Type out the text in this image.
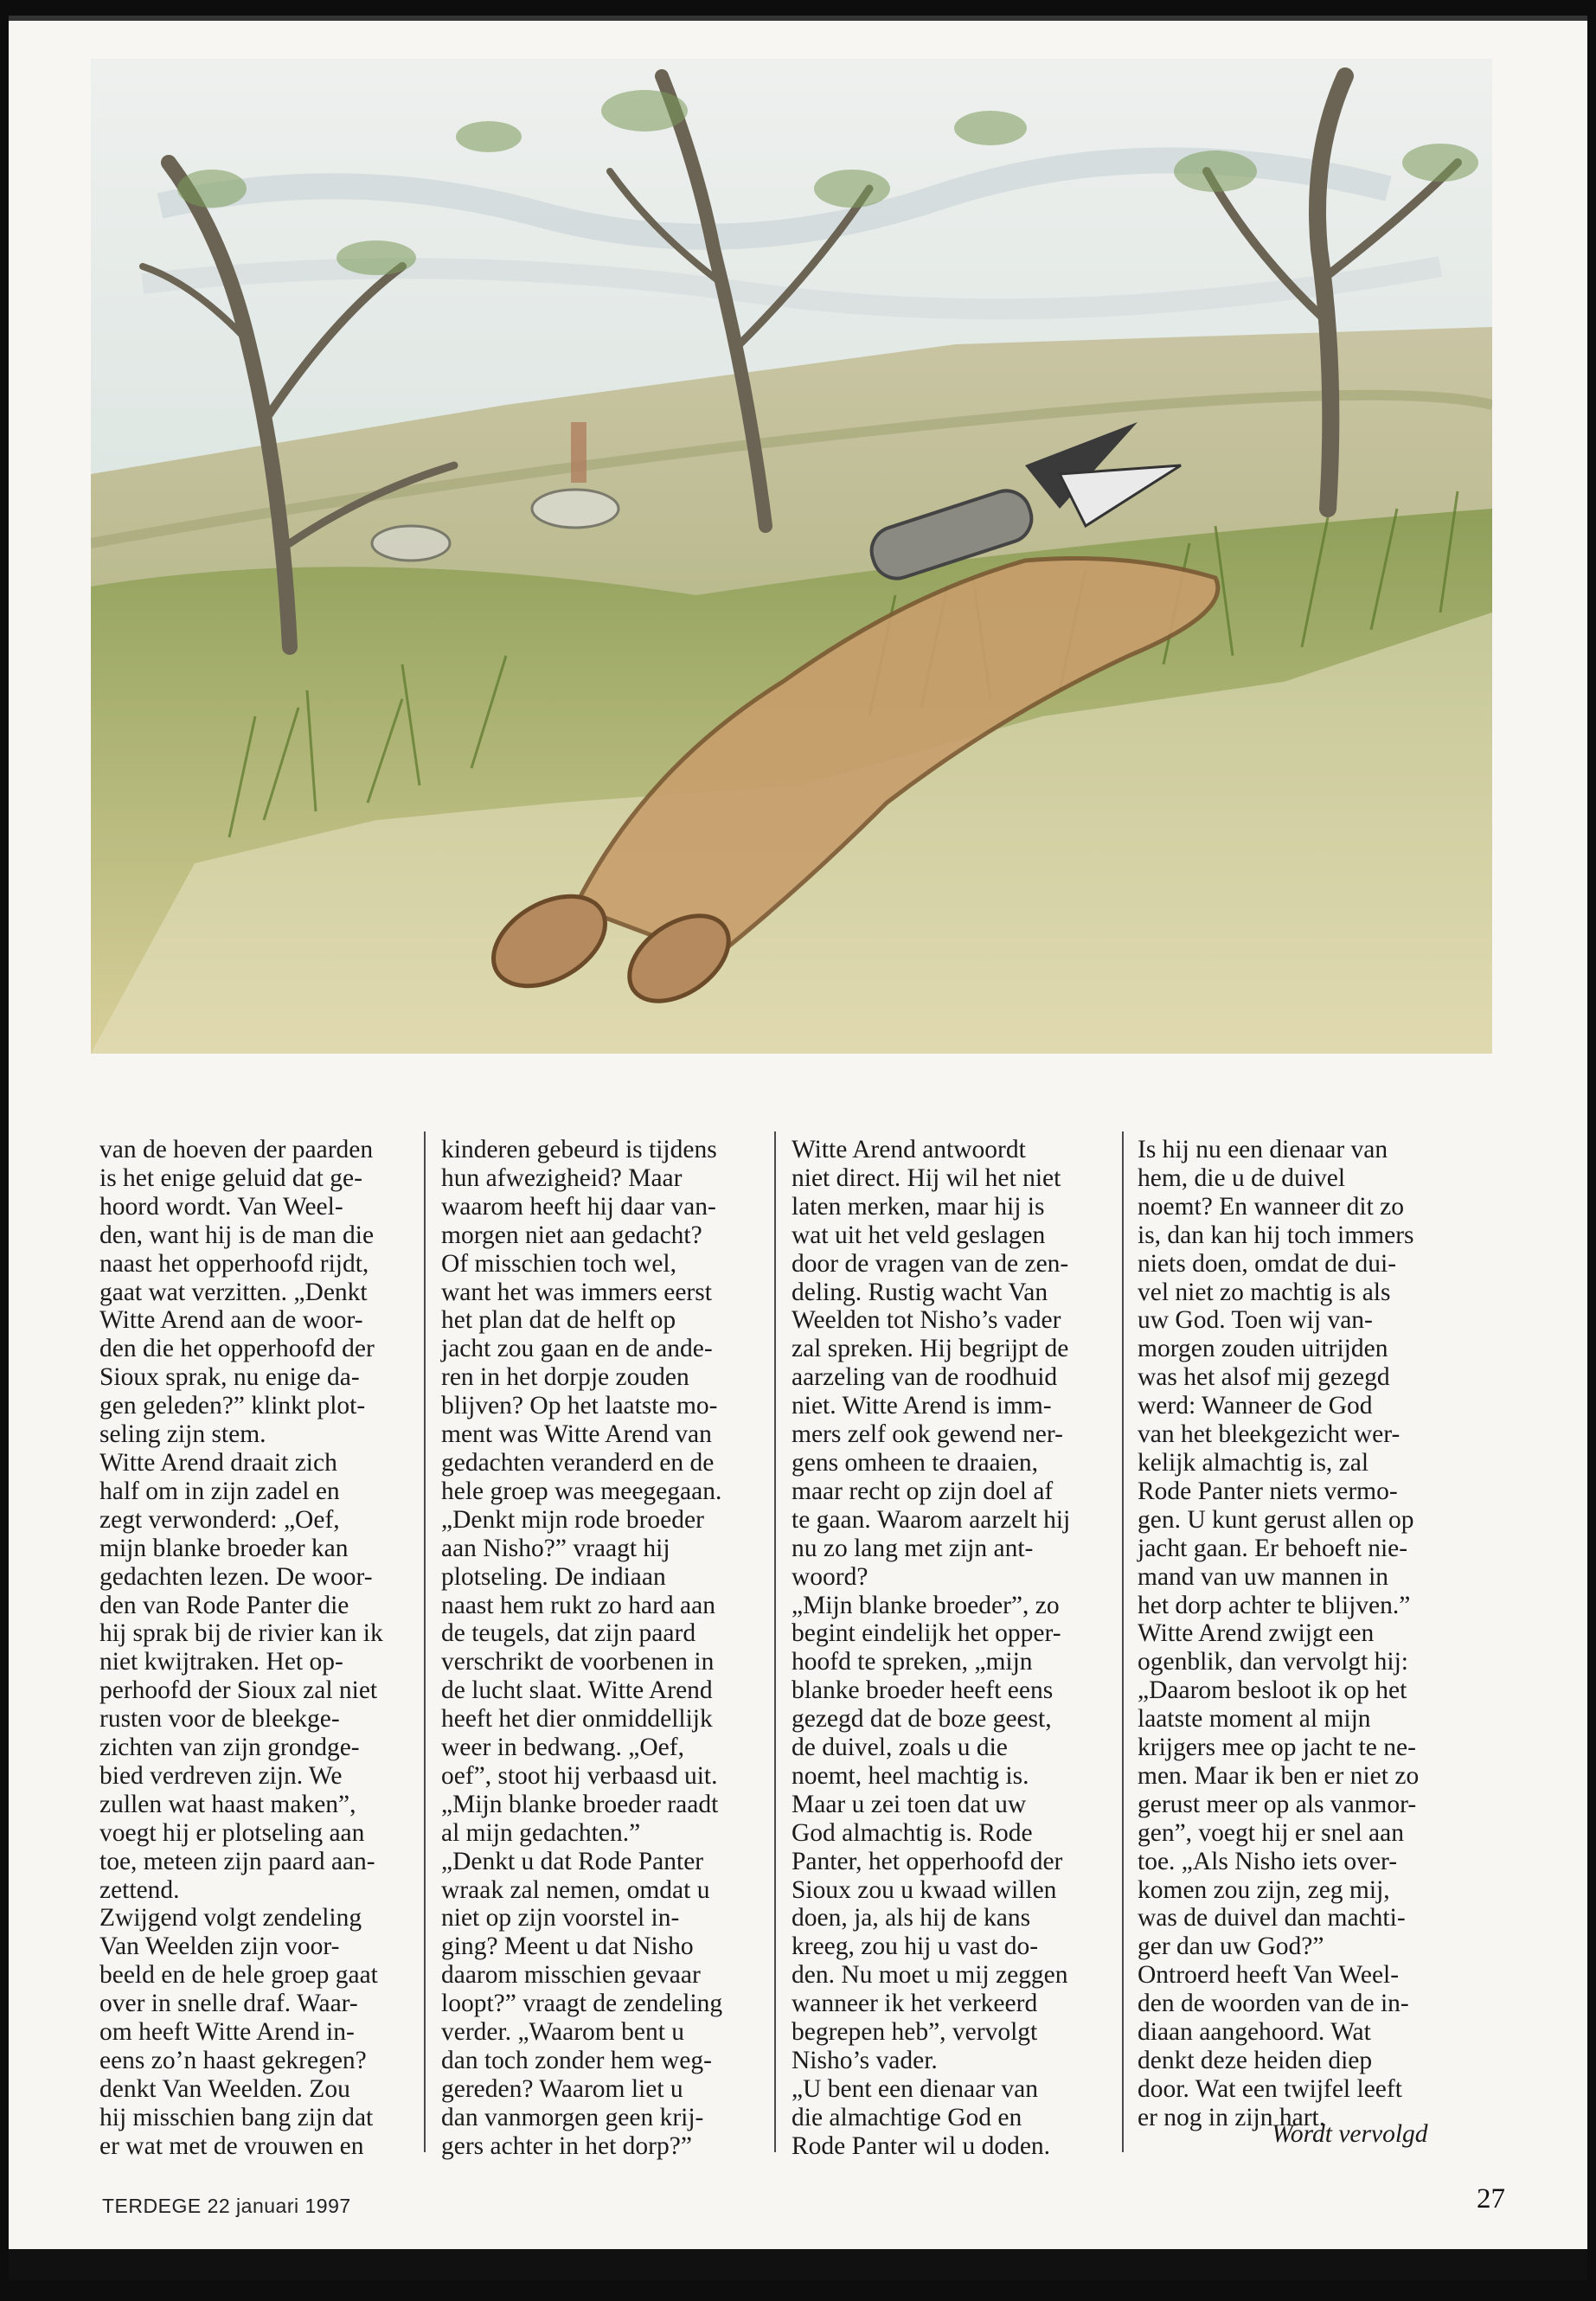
van de hoeven der paarden

is het enige geluid dat ge-

hoord wordt. Van Weel-

den, want hij is de man die

naast het opperhoofd rijdt,

gaat wat verzitten. „Denkt

Witte Arend aan de woor-

den die het opperhoofd der

Sioux sprak, nu enige da-

gen geleden?” klinkt plot-

seling zijn stem.

Witte Arend draait zich

half om in zijn zadel en

zegt verwonderd: „Oef,

mijn blanke broeder kan

gedachten lezen. De woor-

den van Rode Panter die

hij sprak bij de rivier kan ik

niet kwijtraken. Het op-

perhoofd der Sioux zal niet

rusten voor de bleekge-

zichten van zijn grondge-

bied verdreven zijn. We

zullen wat haast maken”,

voegt hij er plotseling aan

toe, meteen zijn paard aan-

zettend.

Zwijgend volgt zendeling

Van Weelden zijn voor-

beeld en de hele groep gaat

over in snelle draf. Waar-

om heeft Witte Arend in-

eens zo’n haast gekregen?

denkt Van Weelden. Zou

hij misschien bang zijn dat

er wat met de vrouwen en

kinderen gebeurd is tijdens

hun afwezigheid? Maar

waarom heeft hij daar van-

morgen niet aan gedacht?

Of misschien toch wel,

want het was immers eerst

het plan dat de helft op

jacht zou gaan en de ande-

ren in het dorpje zouden

blijven? Op het laatste mo-

ment was Witte Arend van

gedachten veranderd en de

hele groep was meegegaan.

„Denkt mijn rode broeder

aan Nisho?” vraagt hij

plotseling. De indiaan

naast hem rukt zo hard aan

de teugels, dat zijn paard

verschrikt de voorbenen in

de lucht slaat. Witte Arend

heeft het dier onmiddellijk

weer in bedwang. „Oef,

oef”, stoot hij verbaasd uit.

„Mijn blanke broeder raadt

al mijn gedachten.”

„Denkt u dat Rode Panter

wraak zal nemen, omdat u

niet op zijn voorstel in-

ging? Meent u dat Nisho

daarom misschien gevaar

loopt?” vraagt de zendeling

verder. „Waarom bent u

dan toch zonder hem weg-

gereden? Waarom liet u

dan vanmorgen geen krij-

gers achter in het dorp?”

Witte Arend antwoordt

niet direct. Hij wil het niet

laten merken, maar hij is

wat uit het veld geslagen

door de vragen van de zen-

deling. Rustig wacht Van

Weelden tot Nisho’s vader

zal spreken. Hij begrijpt de

aarzeling van de roodhuid

niet. Witte Arend is imm-

mers zelf ook gewend ner-

gens omheen te draaien,

maar recht op zijn doel af

te gaan. Waarom aarzelt hij

nu zo lang met zijn ant-

woord?

„Mijn blanke broeder”, zo

begint eindelijk het opper-

hoofd te spreken, „mijn

blanke broeder heeft eens

gezegd dat de boze geest,

de duivel, zoals u die

noemt, heel machtig is.

Maar u zei toen dat uw

God almachtig is. Rode

Panter, het opperhoofd der

Sioux zou u kwaad willen

doen, ja, als hij de kans

kreeg, zou hij u vast do-

den. Nu moet u mij zeggen

wanneer ik het verkeerd

begrepen heb”, vervolgt

Nisho’s vader.

„U bent een dienaar van

die almachtige God en

Rode Panter wil u doden.

Is hij nu een dienaar van

hem, die u de duivel

noemt? En wanneer dit zo

is, dan kan hij toch immers

niets doen, omdat de dui-

vel niet zo machtig is als

uw God. Toen wij van-

morgen zouden uitrijden

was het alsof mij gezegd

werd: Wanneer de God

van het bleekgezicht wer-

kelijk almachtig is, zal

Rode Panter niets vermo-

gen. U kunt gerust allen op

jacht gaan. Er behoeft nie-

mand van uw mannen in

het dorp achter te blijven.”

Witte Arend zwijgt een

ogenblik, dan vervolgt hij:

„Daarom besloot ik op het

laatste moment al mijn

krijgers mee op jacht te ne-

men. Maar ik ben er niet zo

gerust meer op als vanmor-

gen”, voegt hij er snel aan

toe. „Als Nisho iets over-

komen zou zijn, zeg mij,

was de duivel dan machti-

ger dan uw God?”

Ontroerd heeft Van Weel-

den de woorden van de in-

diaan aangehoord. Wat

denkt deze heiden diep

door. Wat een twijfel leeft

er nog in zijn hart.

Wordt vervolgd
TERDEGE 22 januari 1997	27
